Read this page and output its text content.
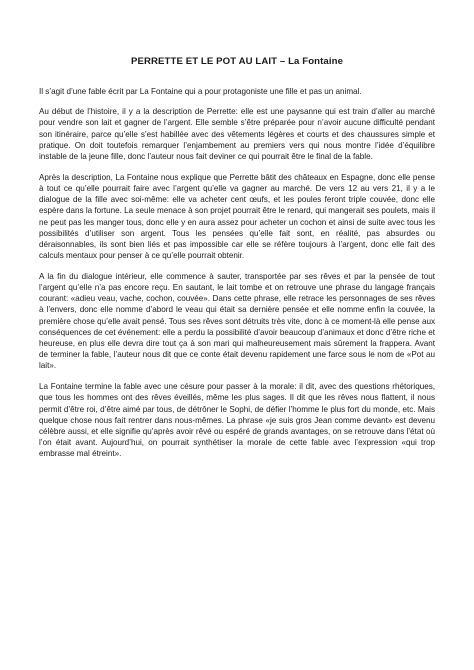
PERRETTE ET LE POT AU LAIT – La Fontaine

Il s’agit d’une fable écrit par La Fontaine qui a pour protagoniste une fille et pas un animal.

Au début de l’histoire, il y a la description de Perrette: elle est une paysanne qui est train d’aller au marché pour vendre son lait et gagner de l’argent. Elle semble s’être préparée pour n’avoir aucune difficulté pendant son itinéraire, parce qu’elle s’est habillée avec des vêtements légères et courts et des chaussures simple et pratique. On doit toutefois remarquer l’enjambement au premiers vers qui nous montre l’idée d’équilibre instable de la jeune fille, donc l’auteur nous fait deviner ce qui pourrait être le final de la fable.

Après la description, La Fontaine nous explique que Perrette bâtit des châteaux en Espagne, donc elle pense à tout ce qu’elle pourrait faire avec l’argent qu’elle va gagner au marché. De vers 12 au vers 21, il y a le dialogue de la fille avec soi-même: elle va acheter cent œufs, et les poules feront triple couvée, donc elle espère dans la fortune. La seule menace à son projet pourrait être le renard, qui mangerait ses poulets, mais il ne peut pas les manger tous, donc elle y en aura assez pour acheter un cochon et ainsi de suite avec tous les possibilités d’utiliser son argent. Tous les pensées qu’elle fait sont, en réalité, pas absurdes ou déraisonnables, ils sont bien liés et pas impossible car elle se réfère toujours à l’argent, donc elle fait des calculs mentaux pour penser à ce qu’elle pourrait obtenir.

A la fin du dialogue intérieur, elle commence à sauter, transportée par ses rêves et par la pensée de tout l’argent qu’elle n’a pas encore reçu. En sautant, le lait tombe et on retrouve une phrase du langage français courant: «adieu veau, vache, cochon, couvée». Dans cette phrase, elle retrace les personnages de ses rêves à l’envers, donc elle nomme d’abord le veau qui était sa dernière pensée et elle nomme enfin la couvée, la première chose qu’elle avait pensé. Tous ses rêves sont détruits très vite, donc à ce moment-là elle pense aux conséquences de cet événement: elle a perdu la possibilité d’avoir beaucoup d’animaux et donc d’être riche et heureuse, en plus elle devra dire tout ça à son mari qui malheureusement mais sûrement la frappera. Avant de terminer la fable, l’auteur nous dit que ce conte était devenu rapidement une farce sous le nom de «Pot au lait».

La Fontaine termine la fable avec une césure pour passer à la morale: il dit, avec des questions rhétoriques, que tous les hommes ont des rêves éveillés, même les plus sages. Il dit que les rêves nous flattent, il nous permit d’être roi, d’être aimé par tous, de détrôner le Sophi, de défier l’homme le plus fort du monde, etc. Mais quelque chose nous fait rentrer dans nous-mêmes. La phrase «je suis gros Jean comme devant» est devenu célèbre aussi, et elle signifie qu’après avoir rêvé ou espéré de grands avantages, on se retrouve dans l’état où l’on était avant. Aujourd’hui, on pourrait synthétiser la morale de cette fable avec l’expression «qui trop embrasse mal étreint».
